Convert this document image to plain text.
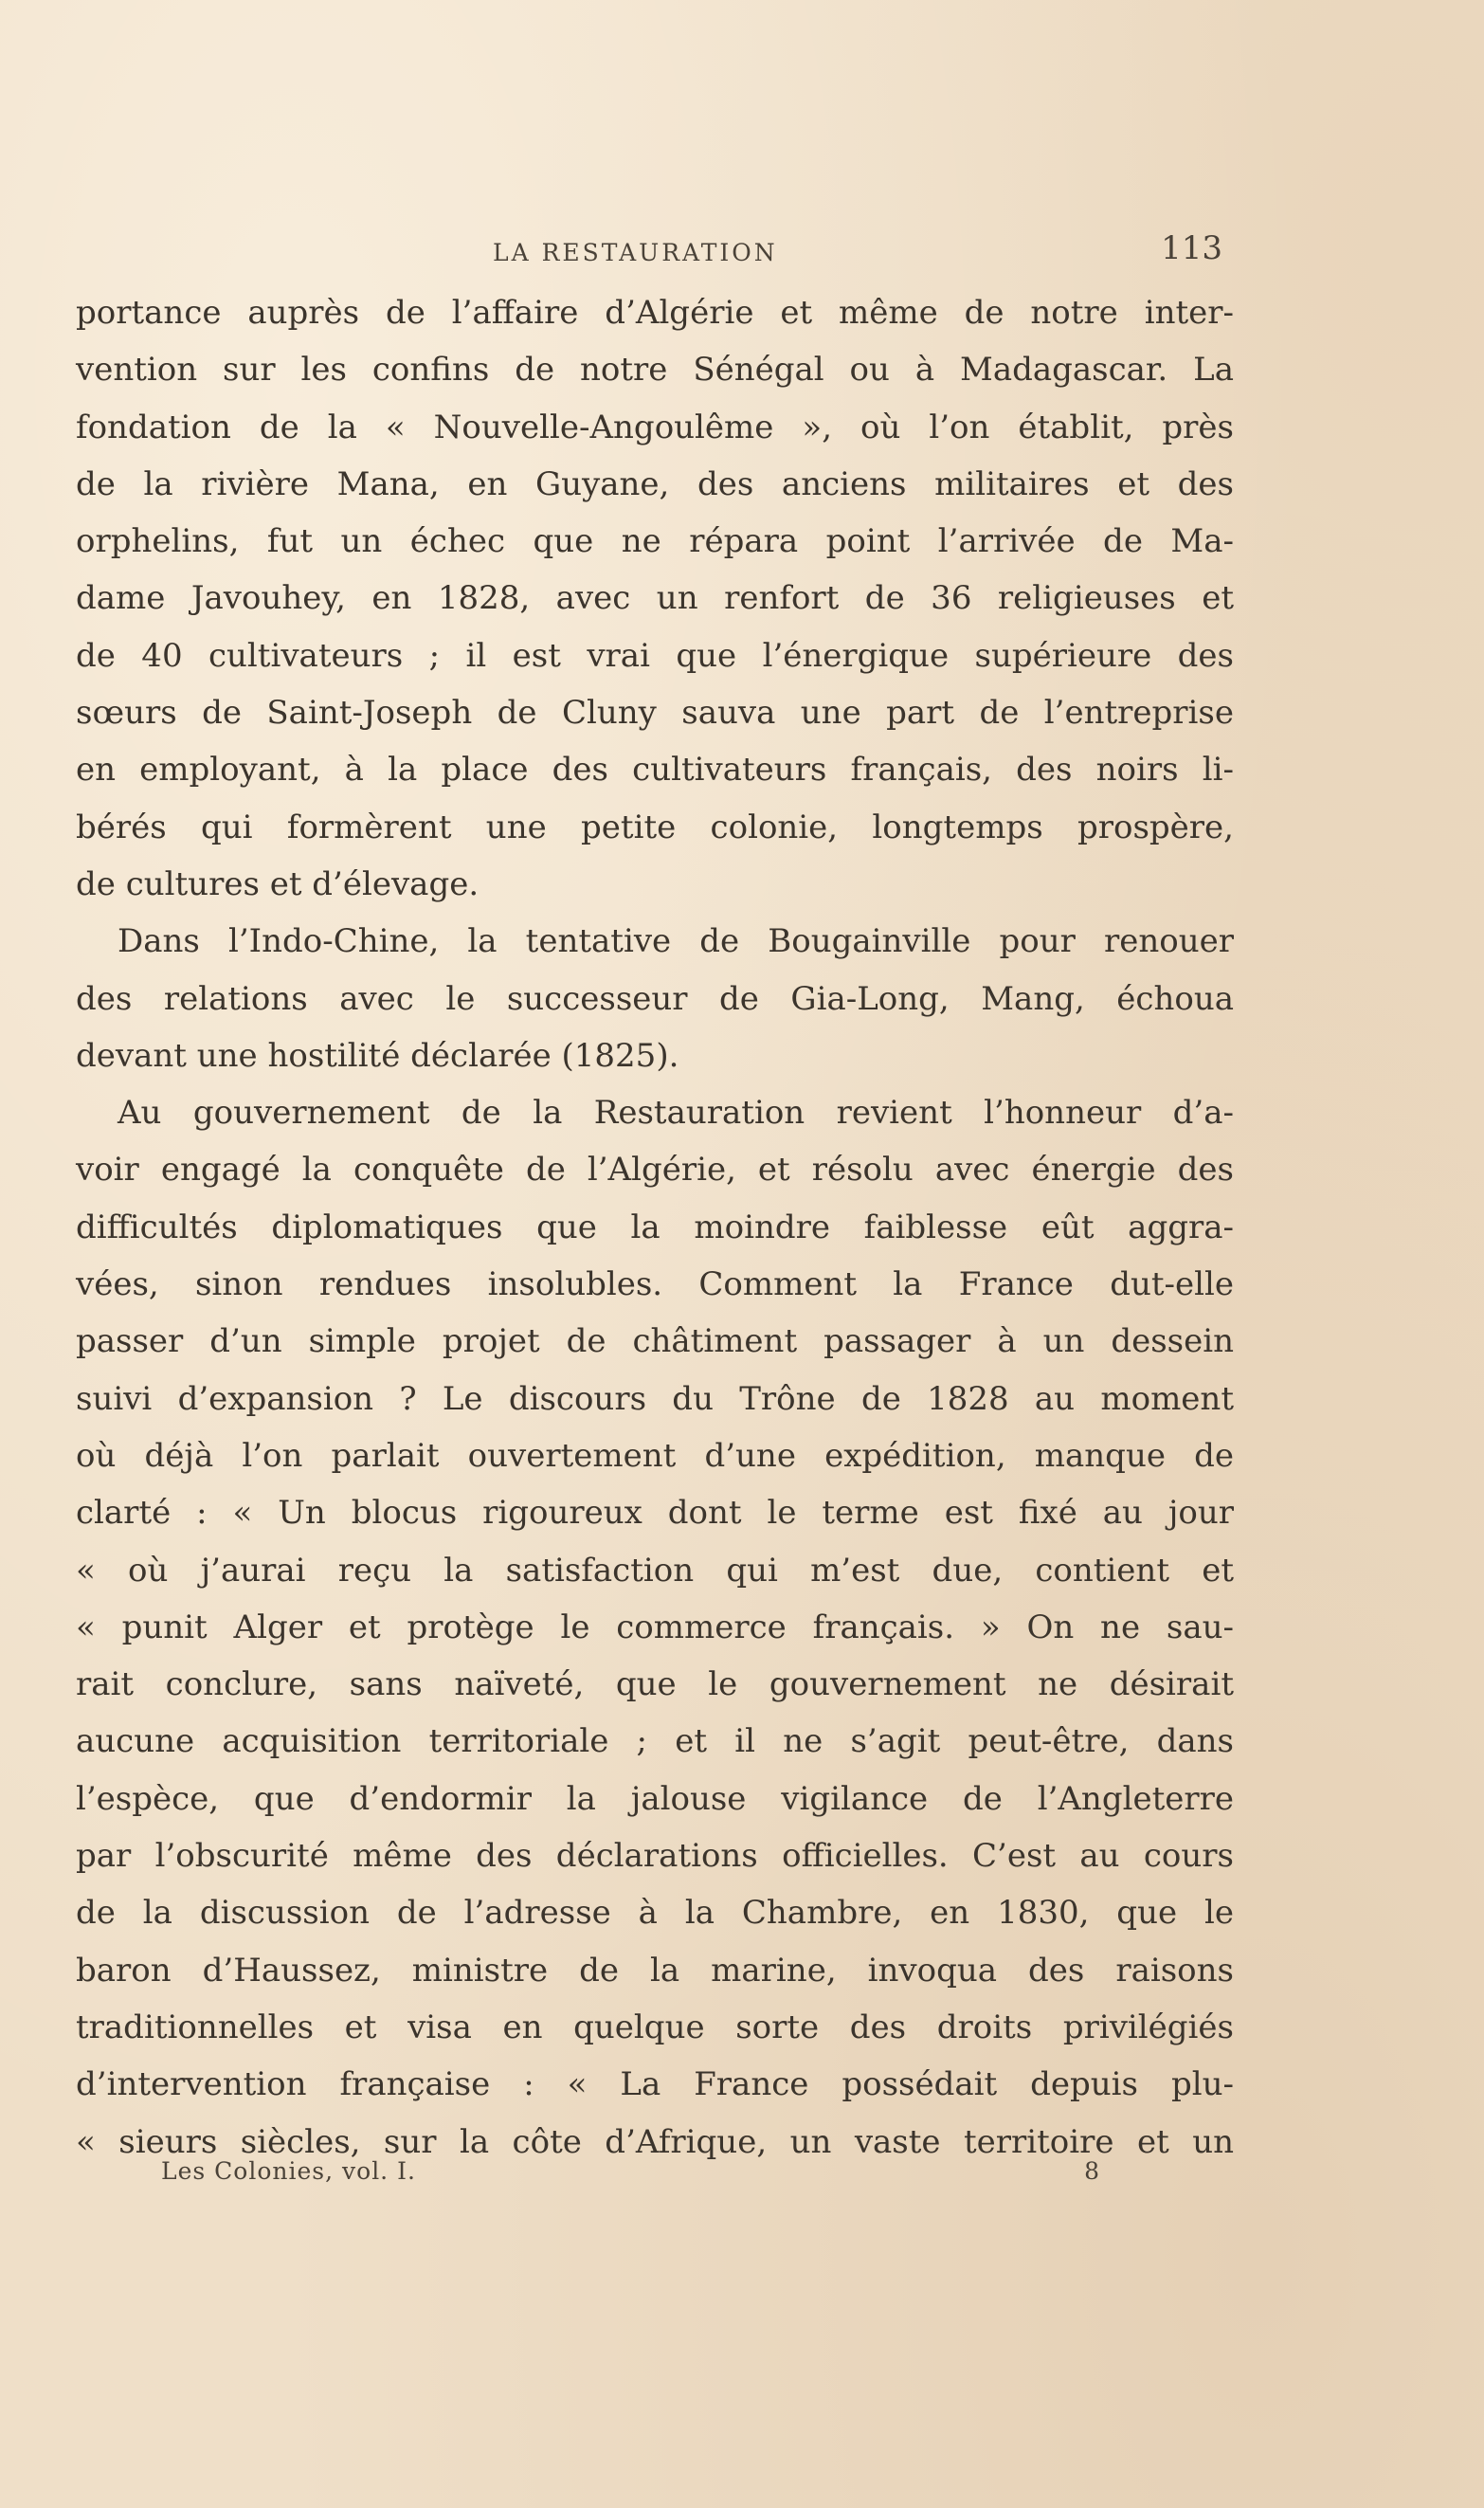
LA RESTAURATION	113
portance auprès de l’affaire d’Algérie et même de notre inter-
vention sur les confins de notre Sénégal ou à Madagascar. La
fondation de la « Nouvelle-Angoulême », où l’on établit, près
de la rivière Mana, en Guyane, des anciens militaires et des
orphelins, fut un échec que ne répara point l’arrivée de Ma-
dame Javouhey, en 1828, avec un renfort de 36 religieuses et
de 40 cultivateurs ; il est vrai que l’énergique supérieure des
sœurs de Saint-Joseph de Cluny sauva une part de l’entreprise
en employant, à la place des cultivateurs français, des noirs li-
bérés qui formèrent une petite colonie, longtemps prospère,
de cultures et d’élevage.
Dans l’Indo-Chine, la tentative de Bougainville pour renouer
des relations avec le successeur de Gia-Long, Mang, échoua
devant une hostilité déclarée (1825).
Au gouvernement de la Restauration revient l’honneur d’a-
voir engagé la conquête de l’Algérie, et résolu avec énergie des
difficultés diplomatiques que la moindre faiblesse eût aggra-
vées, sinon rendues insolubles. Comment la France dut-elle
passer d’un simple projet de châtiment passager à un dessein
suivi d’expansion ? Le discours du Trône de 1828 au moment
où déjà l’on parlait ouvertement d’une expédition, manque de
clarté : « Un blocus rigoureux dont le terme est fixé au jour
« où j’aurai reçu la satisfaction qui m’est due, contient et
« punit Alger et protège le commerce français. » On ne sau-
rait conclure, sans naïveté, que le gouvernement ne désirait
aucune acquisition territoriale ; et il ne s’agit peut-être, dans
l’espèce, que d’endormir la jalouse vigilance de l’Angleterre
par l’obscurité même des déclarations officielles. C’est au cours
de la discussion de l’adresse à la Chambre, en 1830, que le
baron d’Haussez, ministre de la marine, invoqua des raisons
traditionnelles et visa en quelque sorte des droits privilégiés
d’intervention française : « La France possédait depuis plu-
« sieurs siècles, sur la côte d’Afrique, un vaste territoire et un
Les Colonies, vol. I.	8
